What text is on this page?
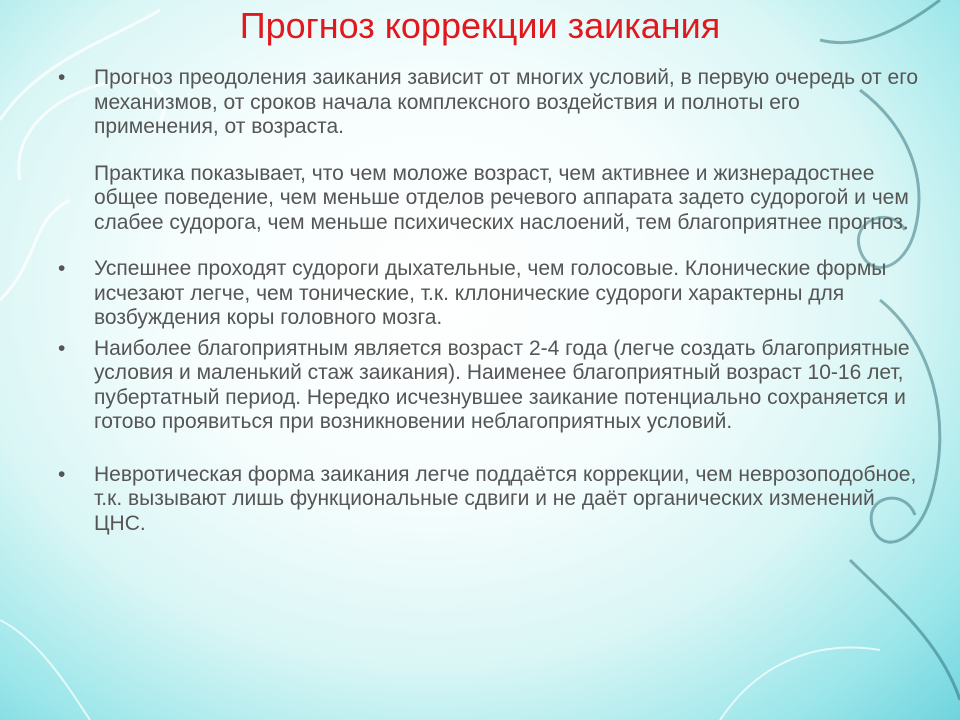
Прогноз коррекции заикания
• Прогноз преодоления заикания зависит от многих условий, в первую очередь от его механизмов, от сроков начала комплексного воздействия и полноты его применения, от возраста.

Практика показывает, что чем моложе возраст, чем активнее и жизнерадостнее общее поведение, чем меньше отделов речевого аппарата задето судорогой и чем слабее судорога, чем меньше психических наслоений, тем благоприятнее прогноз.

• Успешнее проходят судороги дыхательные, чем голосовые. Клонические формы исчезают легче, чем тонические, т.к. кллонические судороги характерны для возбуждения коры головного мозга.

• Наиболее благоприятным является возраст 2-4 года (легче создать благоприятные условия и маленький стаж заикания). Наименее благоприятный возраст 10-16 лет, пубертатный период. Нередко исчезнувшее заикание потенциально сохраняется и готово проявиться при возникновении неблагоприятных условий.

• Невротическая форма заикания легче поддаётся коррекции, чем неврозоподобное, т.к. вызывают лишь функциональные сдвиги и не даёт органических изменений ЦНС.
